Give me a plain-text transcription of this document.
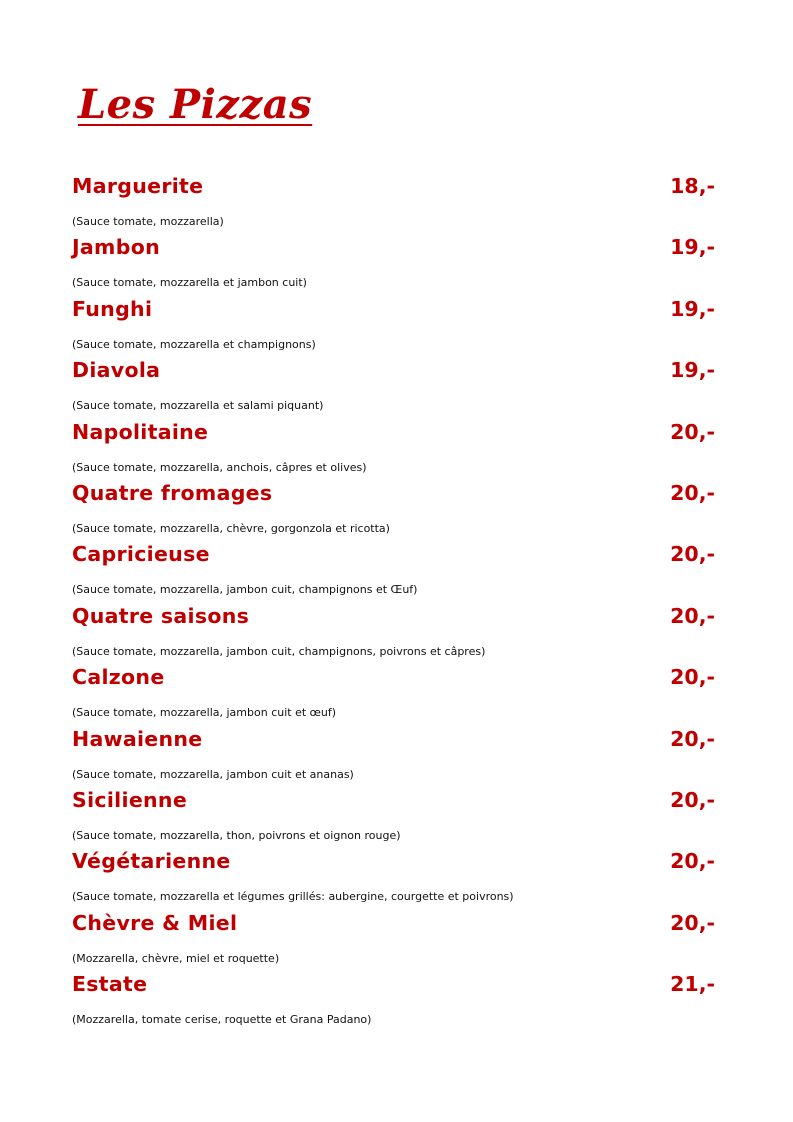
Les Pizzas
Marguerite	18,-
(Sauce tomate, mozzarella)
Jambon	19,-
(Sauce tomate, mozzarella et jambon cuit)
Funghi	19,-
(Sauce tomate, mozzarella et champignons)
Diavola	19,-
(Sauce tomate, mozzarella et salami piquant)
Napolitaine	20,-
(Sauce tomate, mozzarella, anchois, câpres et olives)
Quatre fromages	20,-
(Sauce tomate, mozzarella, chèvre, gorgonzola et ricotta)
Capricieuse	20,-
(Sauce tomate, mozzarella, jambon cuit, champignons et Œuf)
Quatre saisons	20,-
(Sauce tomate, mozzarella, jambon cuit, champignons, poivrons et câpres)
Calzone	20,-
(Sauce tomate, mozzarella, jambon cuit et œuf)
Hawaienne	20,-
(Sauce tomate, mozzarella, jambon cuit et ananas)
Sicilienne	20,-
(Sauce tomate, mozzarella, thon, poivrons et oignon rouge)
Végétarienne	20,-
(Sauce tomate, mozzarella et légumes grillés: aubergine, courgette et poivrons)
Chèvre & Miel	20,-
(Mozzarella, chèvre, miel et roquette)
Estate	21,-
(Mozzarella, tomate cerise, roquette et Grana Padano)
